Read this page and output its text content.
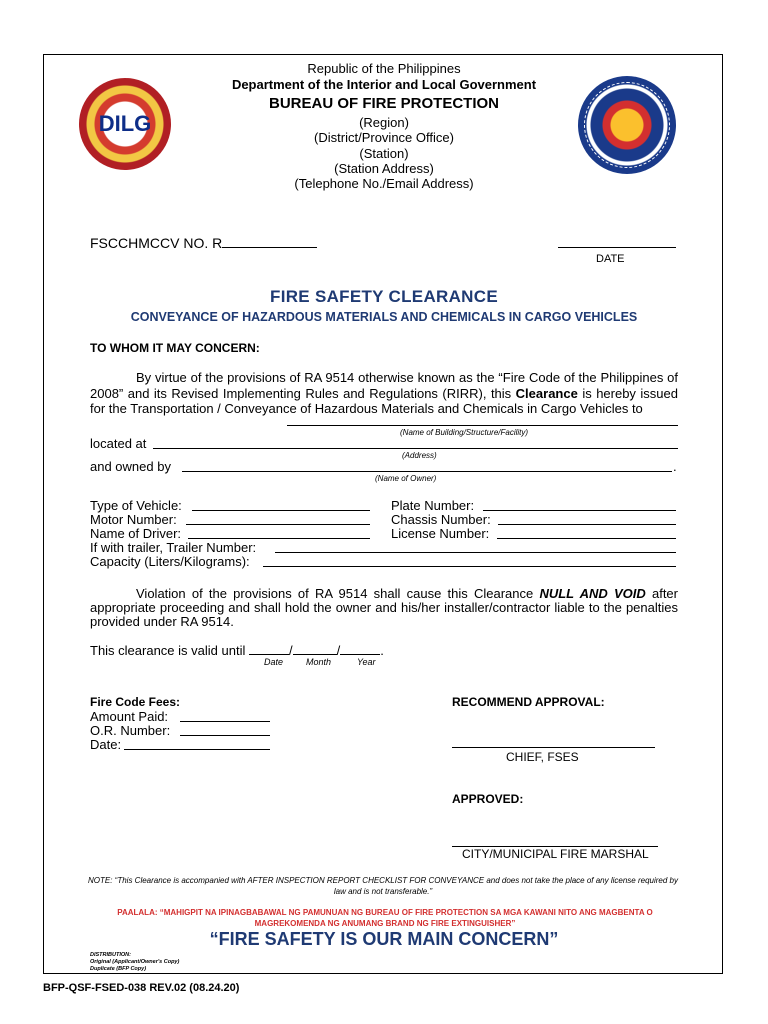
DILG
Republic of the Philippines
Department of the Interior and Local Government
BUREAU OF FIRE PROTECTION
(Region)
(District/Province Office)
(Station)
(Station Address)
(Telephone No./Email Address)
FSCCHMCCV NO. R
DATE
FIRE SAFETY CLEARANCE
CONVEYANCE OF HAZARDOUS MATERIALS AND CHEMICALS IN CARGO VEHICLES
TO WHOM IT MAY CONCERN:
By virtue of the provisions of RA 9514 otherwise known as the “Fire Code of the Philippines of 2008” and its Revised Implementing Rules and Regulations (RIRR), this Clearance is hereby issued for the Transportation / Conveyance of Hazardous Materials and Chemicals in Cargo Vehicles to
(Name of Building/Structure/Facility)
located at
(Address)
and owned by	.
(Name of Owner)
Type of Vehicle:	Plate Number:
Motor Number:	Chassis Number:
Name of Driver:	License Number:
If with trailer, Trailer Number:
Capacity (Liters/Kilograms):
Violation of the provisions of RA 9514 shall cause this Clearance NULL AND VOID after appropriate proceeding and shall hold the owner and his/her installer/contractor liable to the penalties provided under RA 9514.
This clearance is valid until	/	/	.
Date	Month	Year
Fire Code Fees:
Amount Paid:
O.R. Number:
Date:
RECOMMEND APPROVAL:
CHIEF, FSES
APPROVED:
CITY/MUNICIPAL FIRE MARSHAL
NOTE: “This Clearance is accompanied with AFTER INSPECTION REPORT CHECKLIST FOR CONVEYANCE and does not take the place of any license required by law and is not transferable.”
PAALALA: “MAHIGPIT NA IPINAGBABAWAL NG PAMUNUAN NG BUREAU OF FIRE PROTECTION SA MGA KAWANI NITO ANG MAGBENTA O MAGREKOMENDA NG ANUMANG BRAND NG FIRE EXTINGUISHER”
“FIRE SAFETY IS OUR MAIN CONCERN”
DISTRIBUTION:
Original (Applicant/Owner's Copy)
Duplicate (BFP Copy)
BFP-QSF-FSED-038 REV.02 (08.24.20)
